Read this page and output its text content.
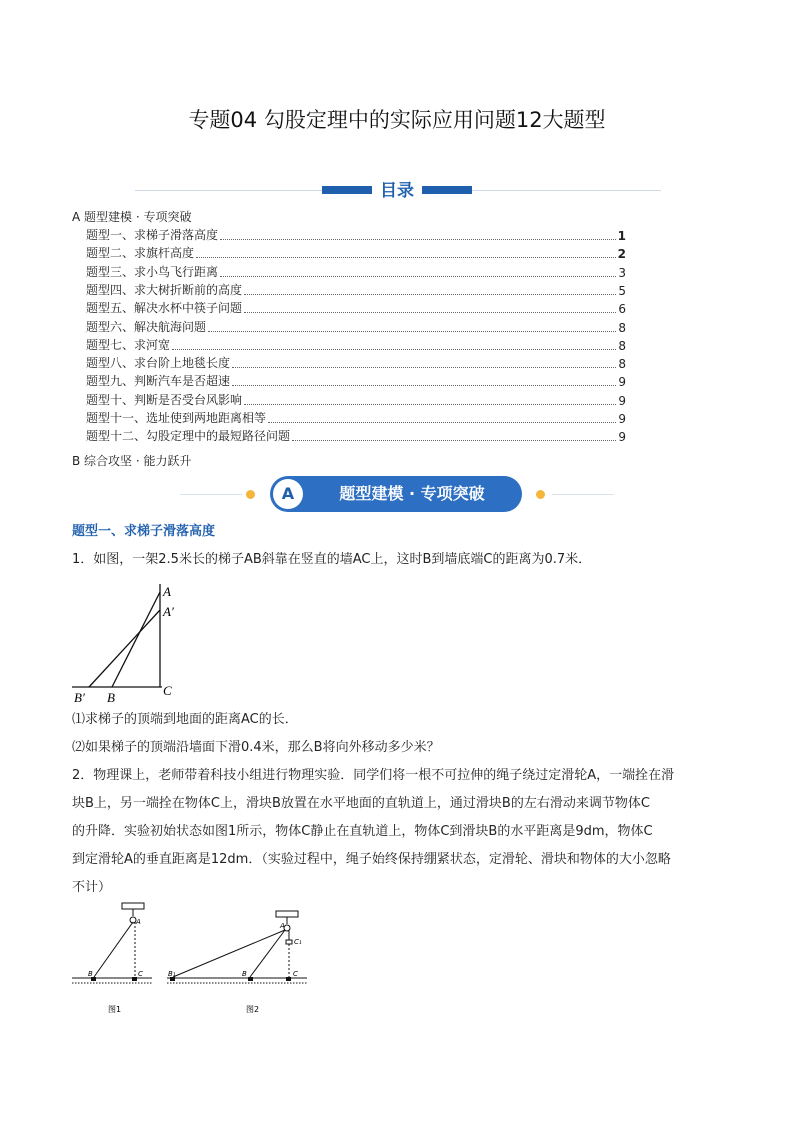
专题04 勾股定理中的实际应用问题12大题型
目录
A 题型建模 · 专项突破
题型一、求梯子滑落高度	1
题型二、求旗杆高度	2
题型三、求小鸟飞行距离	3
题型四、求大树折断前的高度	5
题型五、解决水杯中筷子问题	6
题型六、解决航海问题	8
题型七、求河宽	8
题型八、求台阶上地毯长度	8
题型九、判断汽车是否超速	9
题型十、判断是否受台风影响	9
题型十一、选址使到两地距离相等	9
题型十二、勾股定理中的最短路径问题	9
B 综合攻坚 · 能力跃升
A	题型建模 · 专项突破
题型一、求梯子滑落高度
1．如图，一架2.5米长的梯子AB斜靠在竖直的墙AC上，这时B到墙底端C的距离为0.7米．
A
A′
B′ B	C
⑴求梯子的顶端到地面的距离AC的长．
⑵如果梯子的顶端沿墙面下滑0.4米，那么B将向外移动多少米？
2．物理课上，老师带着科技小组进行物理实验．同学们将一根不可拉伸的绳子绕过定滑轮A，一端拴在滑
块B上，另一端拴在物体C上，滑块B放置在水平地面的直轨道上，通过滑块B的左右滑动来调节物体C
的升降．实验初始状态如图1所示，物体C静止在直轨道上，物体C到滑块B的水平距离是9dm，物体C
到定滑轮A的垂直距离是12dm．（实验过程中，绳子始终保持绷紧状态，定滑轮、滑块和物体的大小忽略
不计）
A
B	C
图1
A
C₁
B₁	B	C
图2
